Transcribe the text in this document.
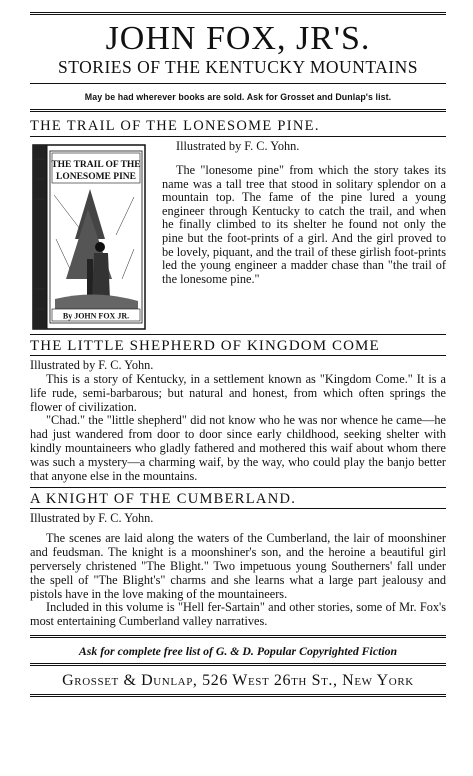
JOHN FOX, JR'S.
STORIES OF THE KENTUCKY MOUNTAINS
May be had wherever books are sold. Ask for Grosset and Dunlap's list.
THE TRAIL OF THE LONESOME PINE.
THE TRAIL OF THE
LONESOME PINE
By JOHN FOX JR.
Illustrated by F. C. Yohn.

The "lonesome pine" from which the story takes its name was a tall tree that stood in solitary splendor on a mountain top. The fame of the pine lured a young engineer through Kentucky to catch the trail, and when he finally climbed to its shelter he found not only the pine but the foot-prints of a girl. And the girl proved to be lovely, piquant, and the trail of these girlish foot-prints led the young engineer a madder chase than "the trail of the lonesome pine."

THE LITTLE SHEPHERD OF KINGDOM COME
Illustrated by F. C. Yohn.

This is a story of Kentucky, in a settlement known as "Kingdom Come." It is a life rude, semi-barbarous; but natural and honest, from which often springs the flower of civilization.

"Chad." the "little shepherd" did not know who he was nor whence he came—he had just wandered from door to door since early childhood, seeking shelter with kindly mountaineers who gladly fathered and mothered this waif about whom there was such a mystery—a charming waif, by the way, who could play the banjo better that anyone else in the mountains.

A KNIGHT OF THE CUMBERLAND.
Illustrated by F. C. Yohn.

The scenes are laid along the waters of the Cumberland, the lair of moonshiner and feudsman. The knight is a moonshiner's son, and the heroine a beautiful girl perversely christened "The Blight." Two impetuous young Southerners' fall under the spell of "The Blight's" charms and she learns what a large part jealousy and pistols have in the love making of the mountaineers.

Included in this volume is "Hell fer-Sartain" and other stories, some of Mr. Fox's most entertaining Cumberland valley narratives.

Ask for complete free list of G. & D. Popular Copyrighted Fiction
Grosset & Dunlap, 526 West 26th St., New York
